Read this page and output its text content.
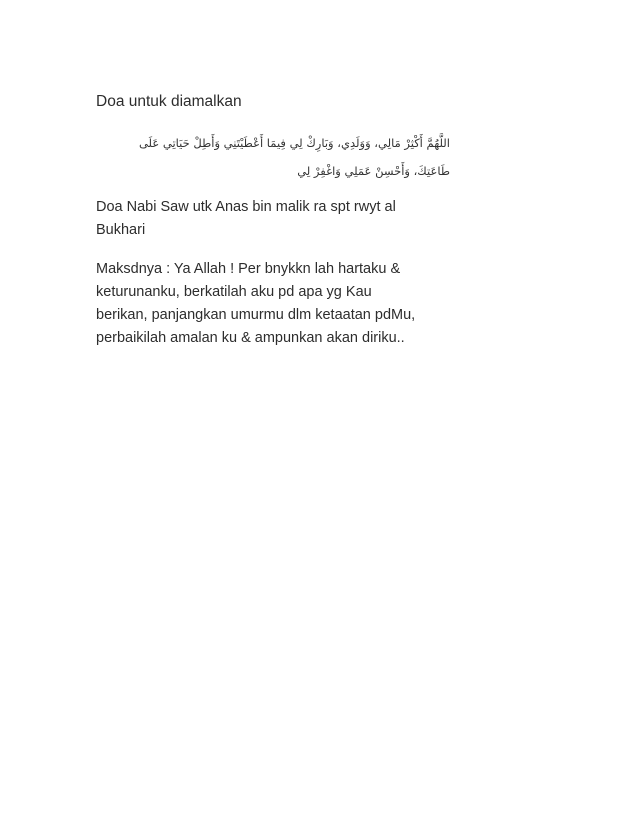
Doa untuk diamalkan
اللَّهُمَّ أَكْثِرْ مَالِي، وَوَلَدِي، وَبَارِكْ لِي فِيمَا أَعْطَيْتَنِي وَأَطِلْ حَيَاتِي عَلَى
طَاعَتِكَ، وَأَحْسِنْ عَمَلِي وَاغْفِرْ لِي
Doa Nabi Saw utk Anas bin malik ra spt rwyt al
Bukhari
Maksdnya : Ya Allah ! Per bnykkn lah hartaku &
keturunanku, berkatilah aku pd apa yg Kau
berikan, panjangkan umurmu dlm ketaatan pdMu,
perbaikilah amalan ku & ampunkan akan diriku..
